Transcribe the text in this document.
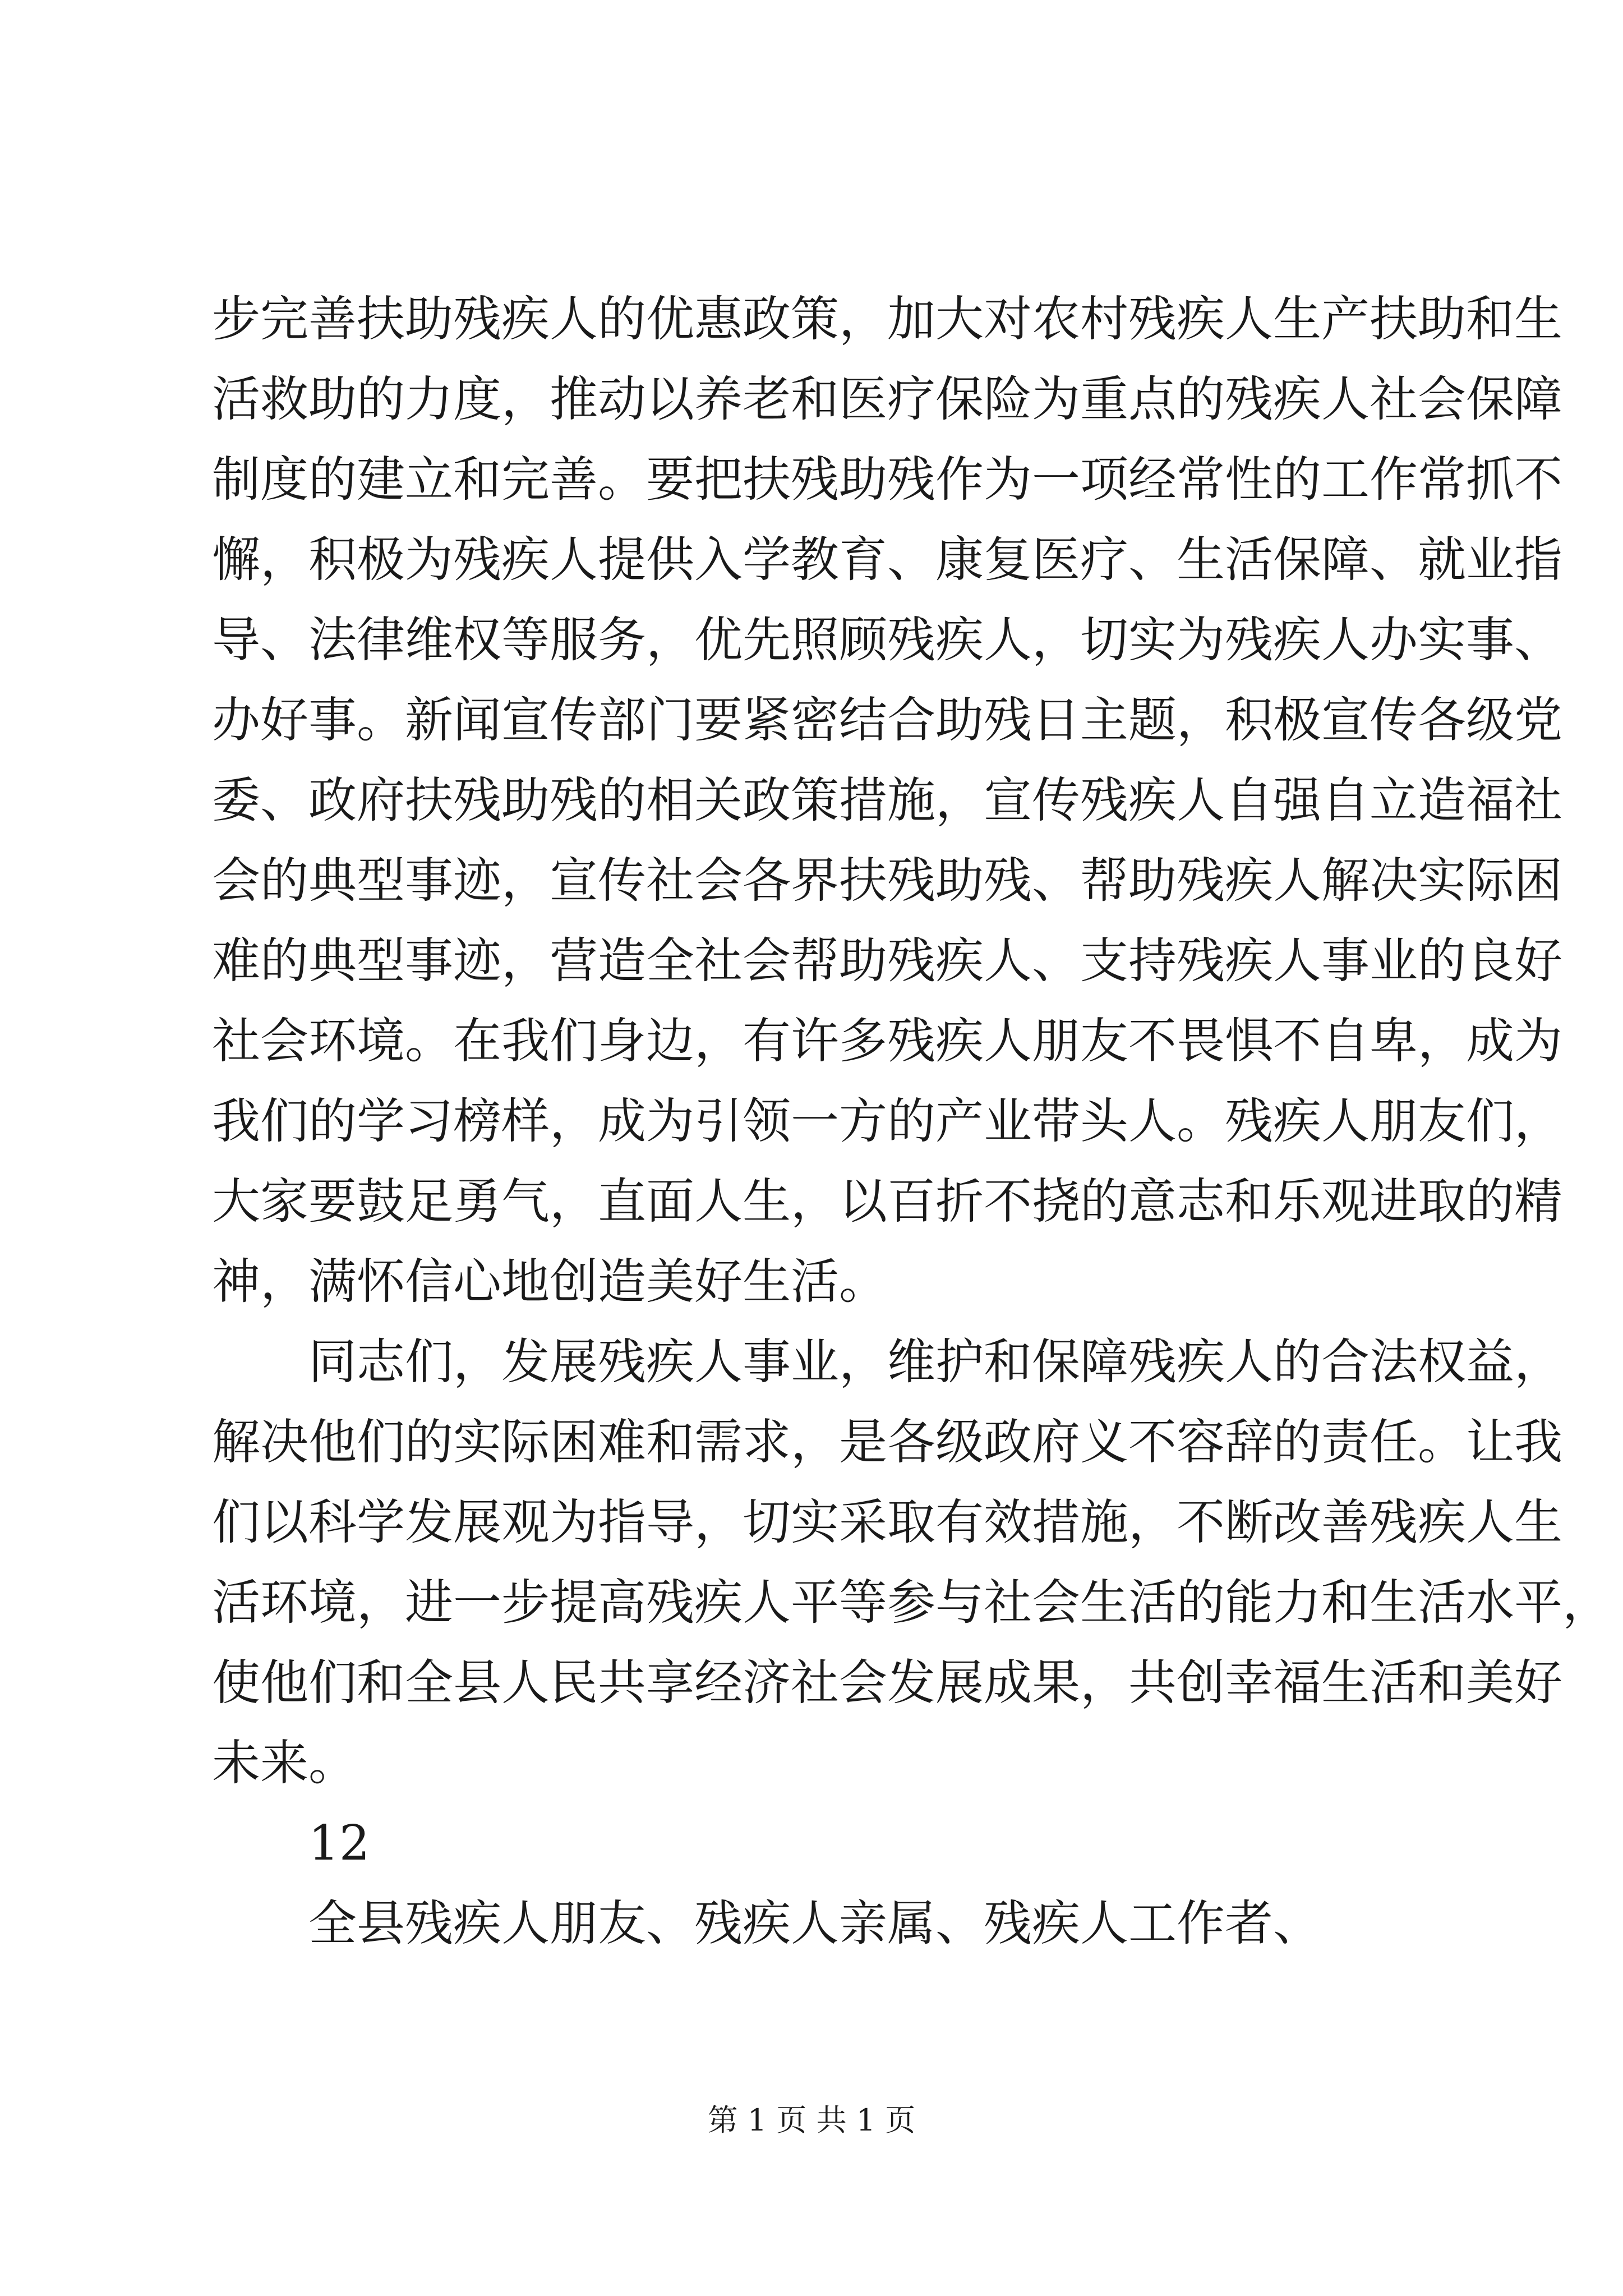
步完善扶助残疾人的优惠政策，加大对农村残疾人生产扶助和生
活救助的力度，推动以养老和医疗保险为重点的残疾人社会保障
制度的建立和完善。要把扶残助残作为一项经常性的工作常抓不
懈，积极为残疾人提供入学教育、康复医疗、生活保障、就业指
导、法律维权等服务，优先照顾残疾人，切实为残疾人办实事、
办好事。新闻宣传部门要紧密结合助残日主题，积极宣传各级党
委、政府扶残助残的相关政策措施，宣传残疾人自强自立造福社
会的典型事迹，宣传社会各界扶残助残、帮助残疾人解决实际困
难的典型事迹，营造全社会帮助残疾人、支持残疾人事业的良好
社会环境。在我们身边，有许多残疾人朋友不畏惧不自卑，成为
我们的学习榜样，成为引领一方的产业带头人。残疾人朋友们，
大家要鼓足勇气，直面人生，以百折不挠的意志和乐观进取的精
神，满怀信心地创造美好生活。
同志们，发展残疾人事业，维护和保障残疾人的合法权益，
解决他们的实际困难和需求，是各级政府义不容辞的责任。让我
们以科学发展观为指导，切实采取有效措施，不断改善残疾人生
活环境，进一步提高残疾人平等参与社会生活的能力和生活水平，
使他们和全县人民共享经济社会发展成果，共创幸福生活和美好
未来。
12
全县残疾人朋友、残疾人亲属、残疾人工作者、
第 1 页 共 1 页
